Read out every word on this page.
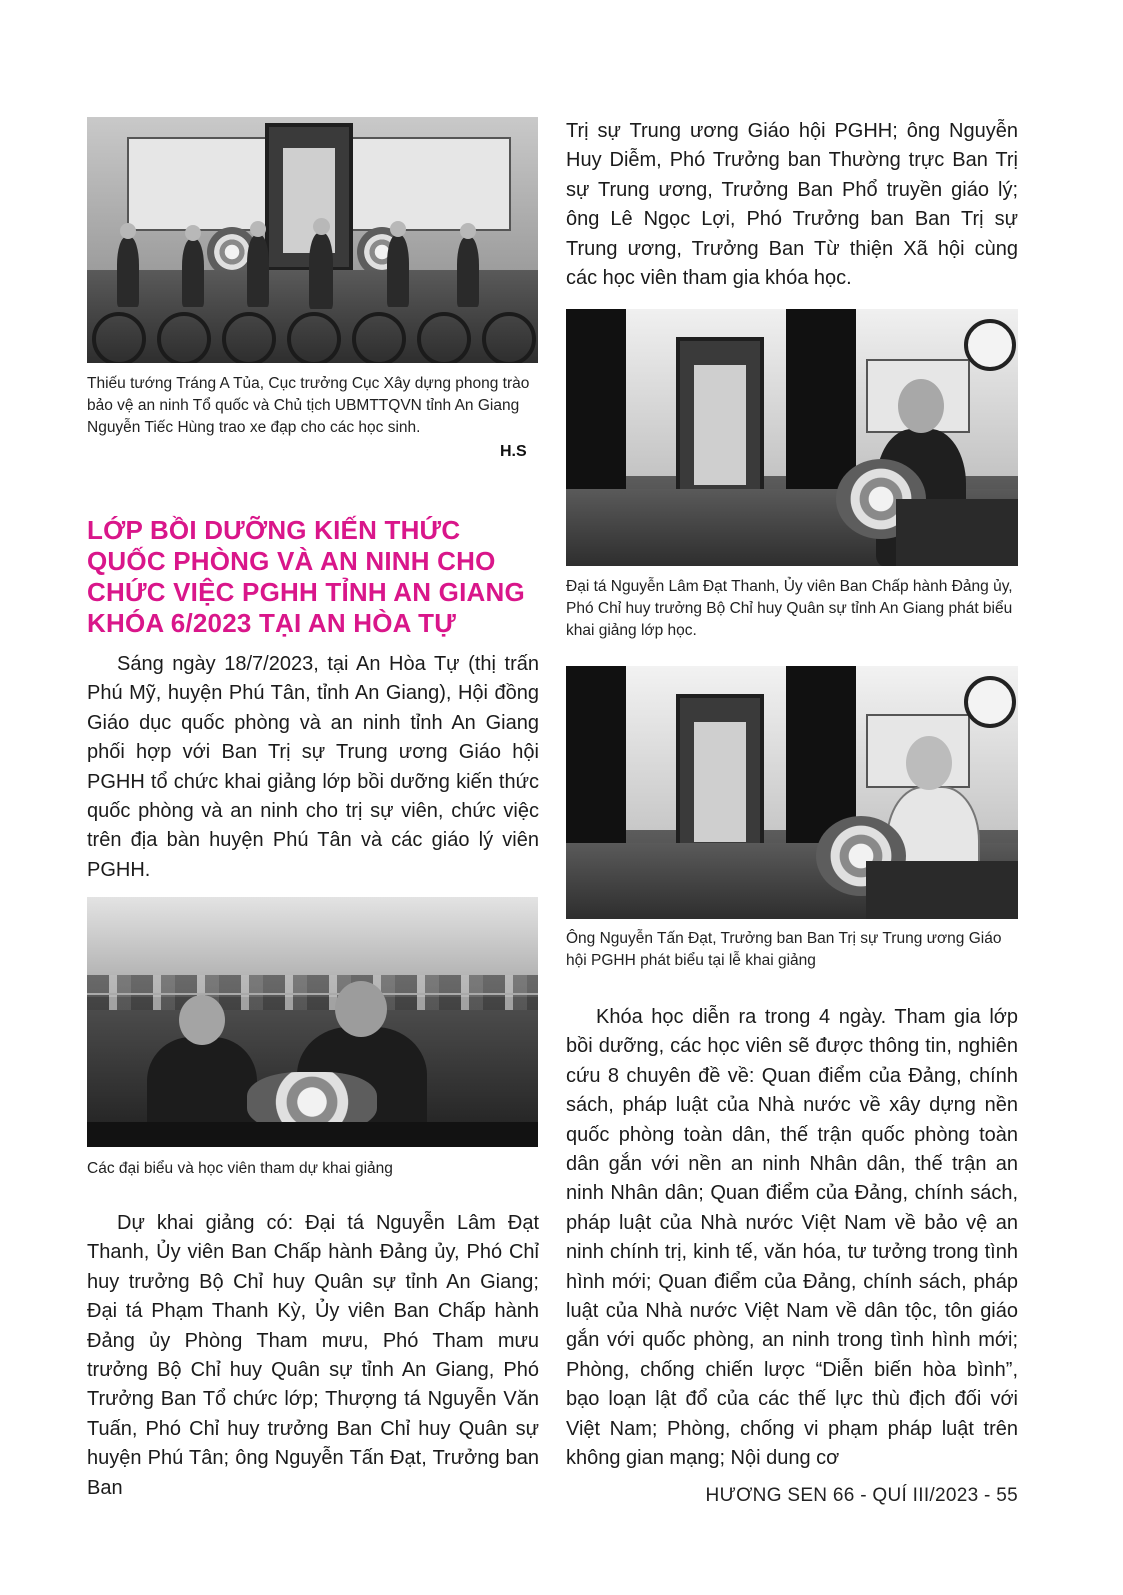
Thiếu tướng Tráng A Tủa, Cục trưởng Cục Xây dựng phong trào bảo vệ an ninh Tổ quốc và Chủ tịch UBMTTQVN tỉnh An Giang Nguyễn Tiếc Hùng trao xe đạp cho các học sinh.
H.S
LỚP BỒI DƯỠNG KIẾN THỨC QUỐC PHÒNG VÀ AN NINH CHO CHỨC VIỆC PGHH TỈNH AN GIANG KHÓA 6/2023 TẠI AN HÒA TỰ

Sáng ngày 18/7/2023, tại An Hòa Tự (thị trấn Phú Mỹ, huyện Phú Tân, tỉnh An Giang), Hội đồng Giáo dục quốc phòng và an ninh tỉnh An Giang phối hợp với Ban Trị sự Trung ương Giáo hội PGHH tổ chức khai giảng lớp bồi dưỡng kiến thức quốc phòng và an ninh cho trị sự viên, chức việc trên địa bàn huyện Phú Tân và các giáo lý viên PGHH.

Các đại biểu và học viên tham dự khai giảng

Dự khai giảng có: Đại tá Nguyễn Lâm Đạt Thanh, Ủy viên Ban Chấp hành Đảng ủy, Phó Chỉ huy trưởng Bộ Chỉ huy Quân sự tỉnh An Giang; Đại tá Phạm Thanh Kỳ, Ủy viên Ban Chấp hành Đảng ủy Phòng Tham mưu, Phó Tham mưu trưởng Bộ Chỉ huy Quân sự tỉnh An Giang, Phó Trưởng Ban Tổ chức lớp; Thượng tá Nguyễn Văn Tuấn, Phó Chỉ huy trưởng Ban Chỉ huy Quân sự huyện Phú Tân; ông Nguyễn Tấn Đạt, Trưởng ban Ban

Trị sự Trung ương Giáo hội PGHH; ông Nguyễn Huy Diễm, Phó Trưởng ban Thường trực Ban Trị sự Trung ương, Trưởng Ban Phổ truyền giáo lý; ông Lê Ngọc Lợi, Phó Trưởng ban Ban Trị sự Trung ương, Trưởng Ban Từ thiện Xã hội cùng các học viên tham gia khóa học.

Đại tá Nguyễn Lâm Đạt Thanh, Ủy viên Ban Chấp hành Đảng ủy, Phó Chỉ huy trưởng Bộ Chỉ huy Quân sự tỉnh An Giang phát biểu khai giảng lớp học.
Ông Nguyễn Tấn Đạt, Trưởng ban Ban Trị sự Trung ương Giáo hội PGHH phát biểu tại lễ khai giảng

Khóa học diễn ra trong 4 ngày. Tham gia lớp bồi dưỡng, các học viên sẽ được thông tin, nghiên cứu 8 chuyên đề về: Quan điểm của Đảng, chính sách, pháp luật của Nhà nước về xây dựng nền quốc phòng toàn dân, thế trận quốc phòng toàn dân gắn với nền an ninh Nhân dân, thế trận an ninh Nhân dân; Quan điểm của Đảng, chính sách, pháp luật của Nhà nước Việt Nam về bảo vệ an ninh chính trị, kinh tế, văn hóa, tư tưởng trong tình hình mới; Quan điểm của Đảng, chính sách, pháp luật của Nhà nước Việt Nam về dân tộc, tôn giáo gắn với quốc phòng, an ninh trong tình hình mới; Phòng, chống chiến lược “Diễn biến hòa bình”, bạo loạn lật đổ của các thế lực thù địch đối với Việt Nam; Phòng, chống vi phạm pháp luật trên không gian mạng; Nội dung cơ

HƯƠNG SEN 66 - QUÍ III/2023 - 55
